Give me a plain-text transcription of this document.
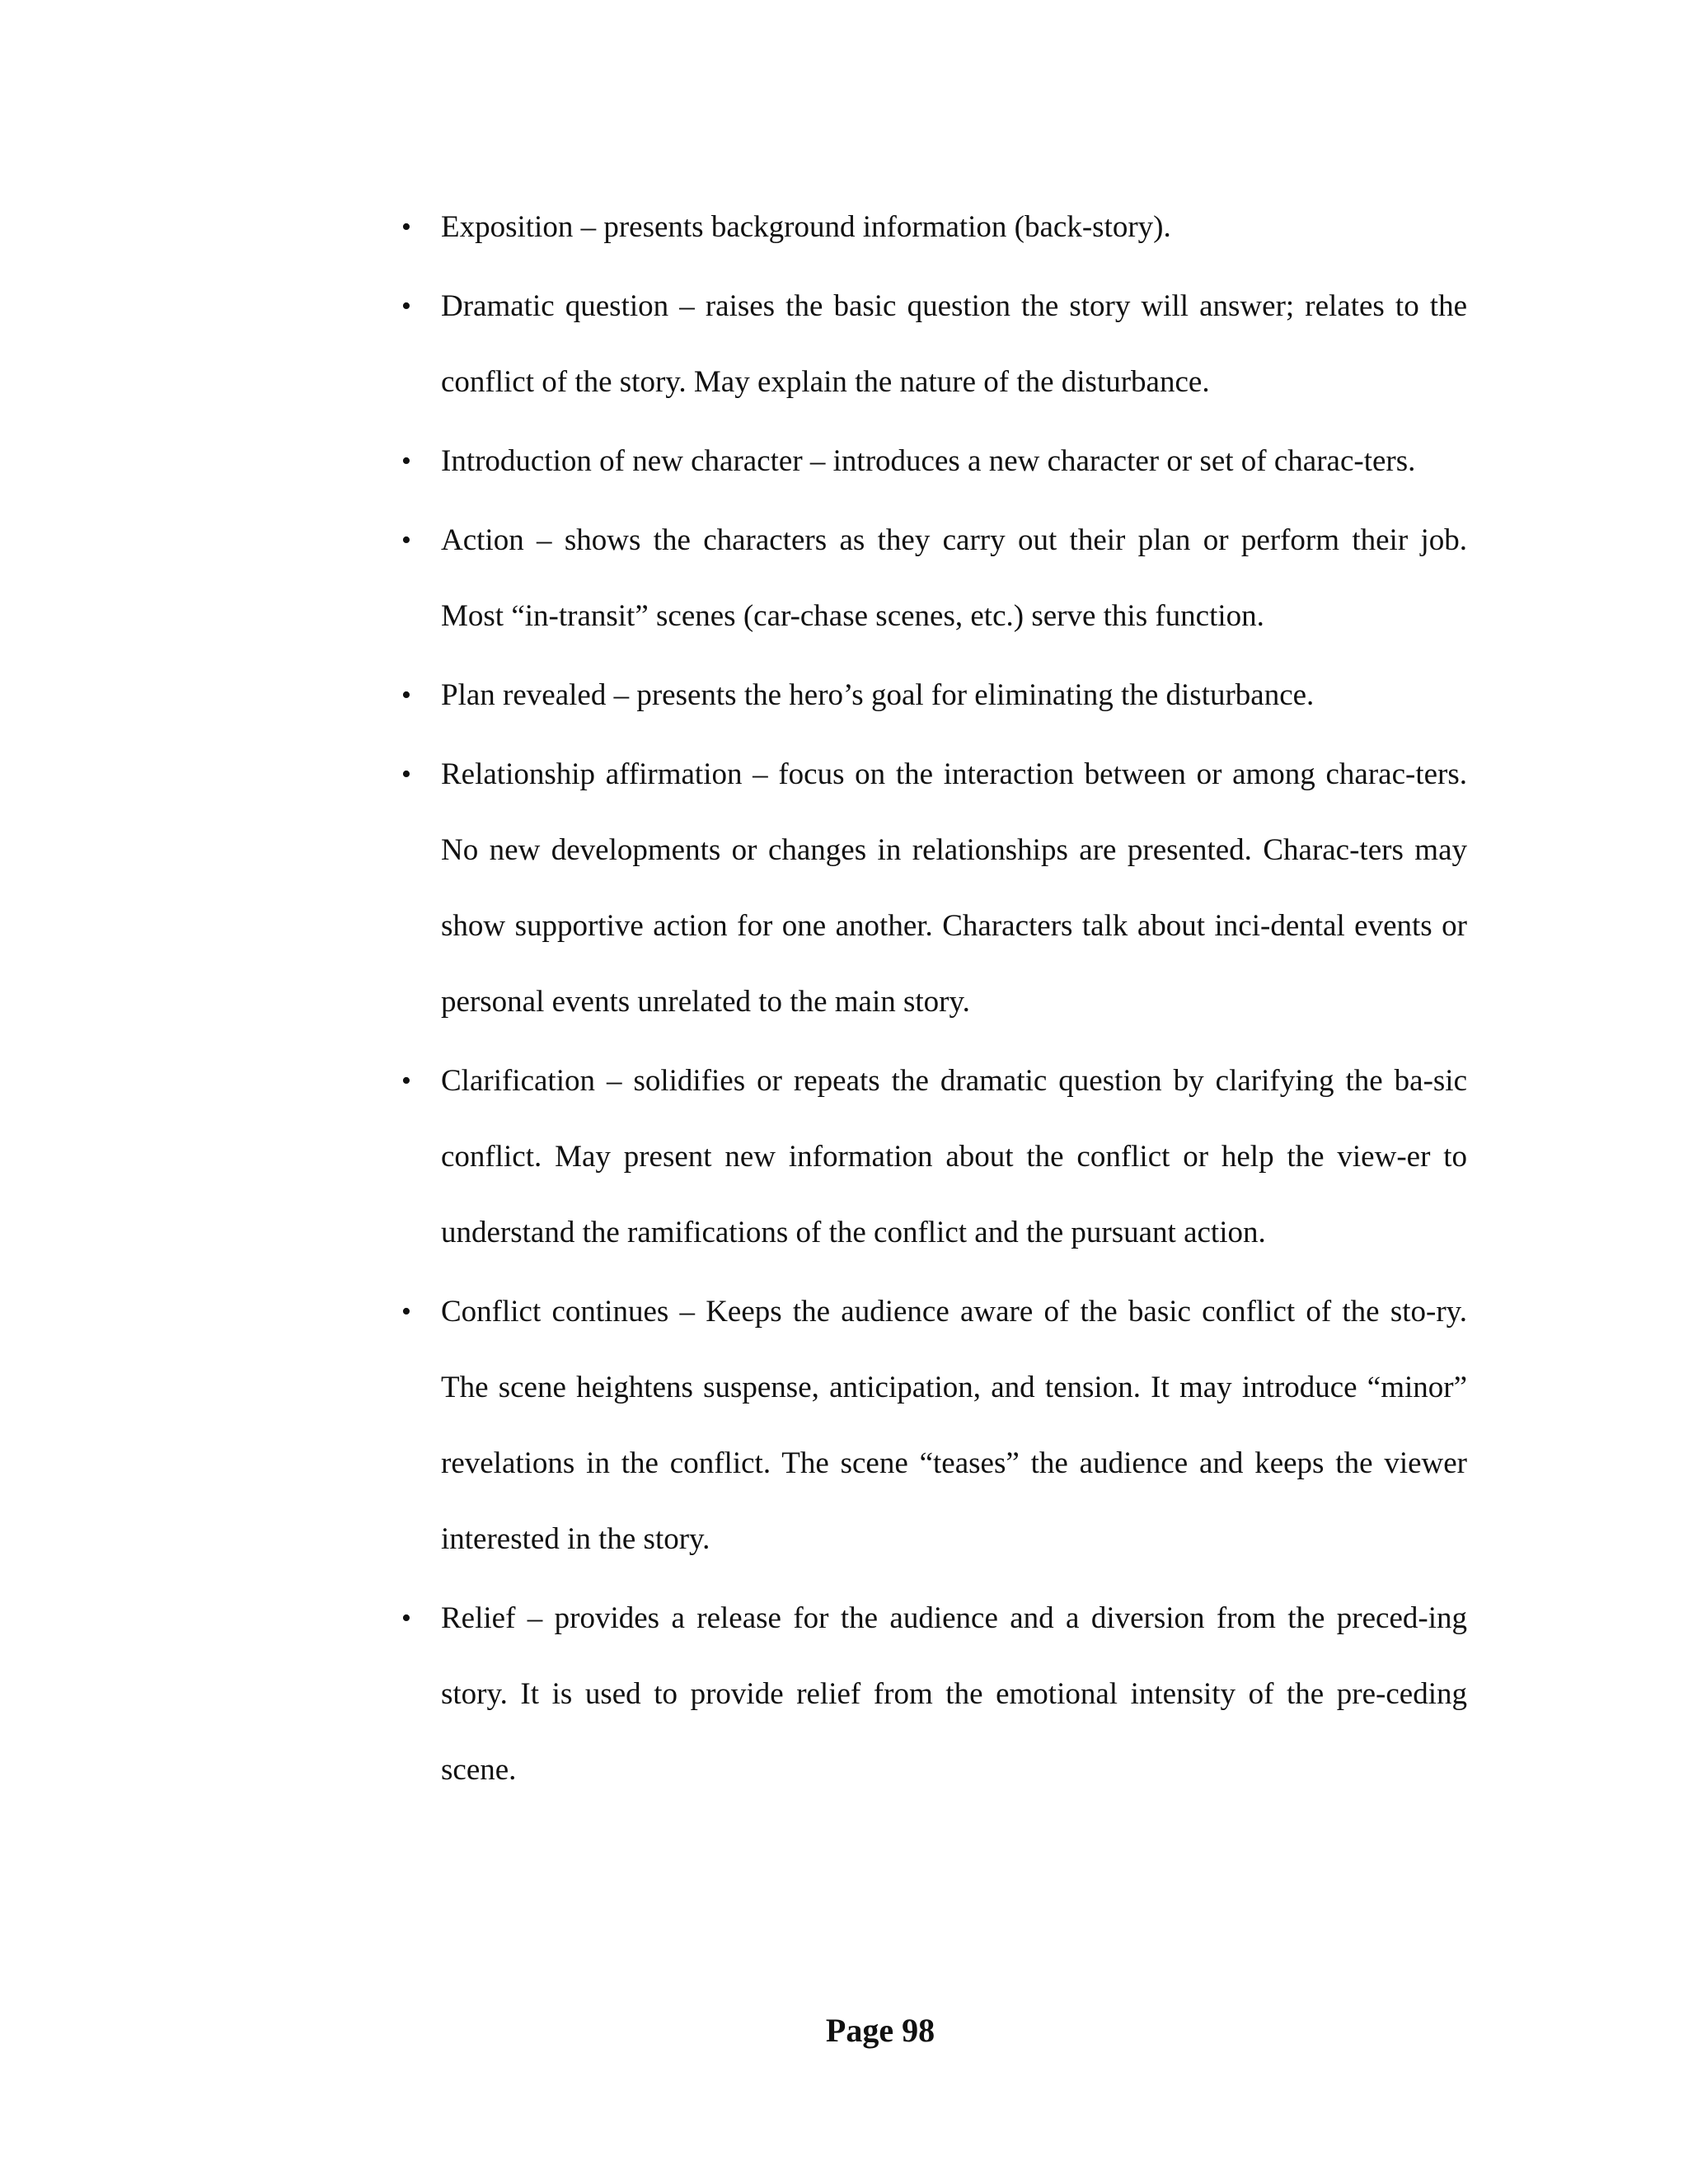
• Exposition – presents background information (back-story).
• Dramatic question – raises the basic question the story will answer; relates to the conflict of the story. May explain the nature of the disturbance.
• Introduction of new character – introduces a new character or set of charac-ters.
• Action – shows the characters as they carry out their plan or perform their job. Most “in-transit” scenes (car-chase scenes, etc.) serve this function.
• Plan revealed – presents the hero’s goal for eliminating the disturbance.
• Relationship affirmation – focus on the interaction between or among charac-ters. No new developments or changes in relationships are presented. Charac-ters may show supportive action for one another. Characters talk about inci-dental events or personal events unrelated to the main story.
• Clarification – solidifies or repeats the dramatic question by clarifying the ba-sic conflict. May present new information about the conflict or help the view-er to understand the ramifications of the conflict and the pursuant action.
• Conflict continues – Keeps the audience aware of the basic conflict of the sto-ry. The scene heightens suspense, anticipation, and tension. It may introduce “minor” revelations in the conflict. The scene “teases” the audience and keeps the viewer interested in the story.
• Relief – provides a release for the audience and a diversion from the preced-ing story. It is used to provide relief from the emotional intensity of the pre-ceding scene.
Page 98
